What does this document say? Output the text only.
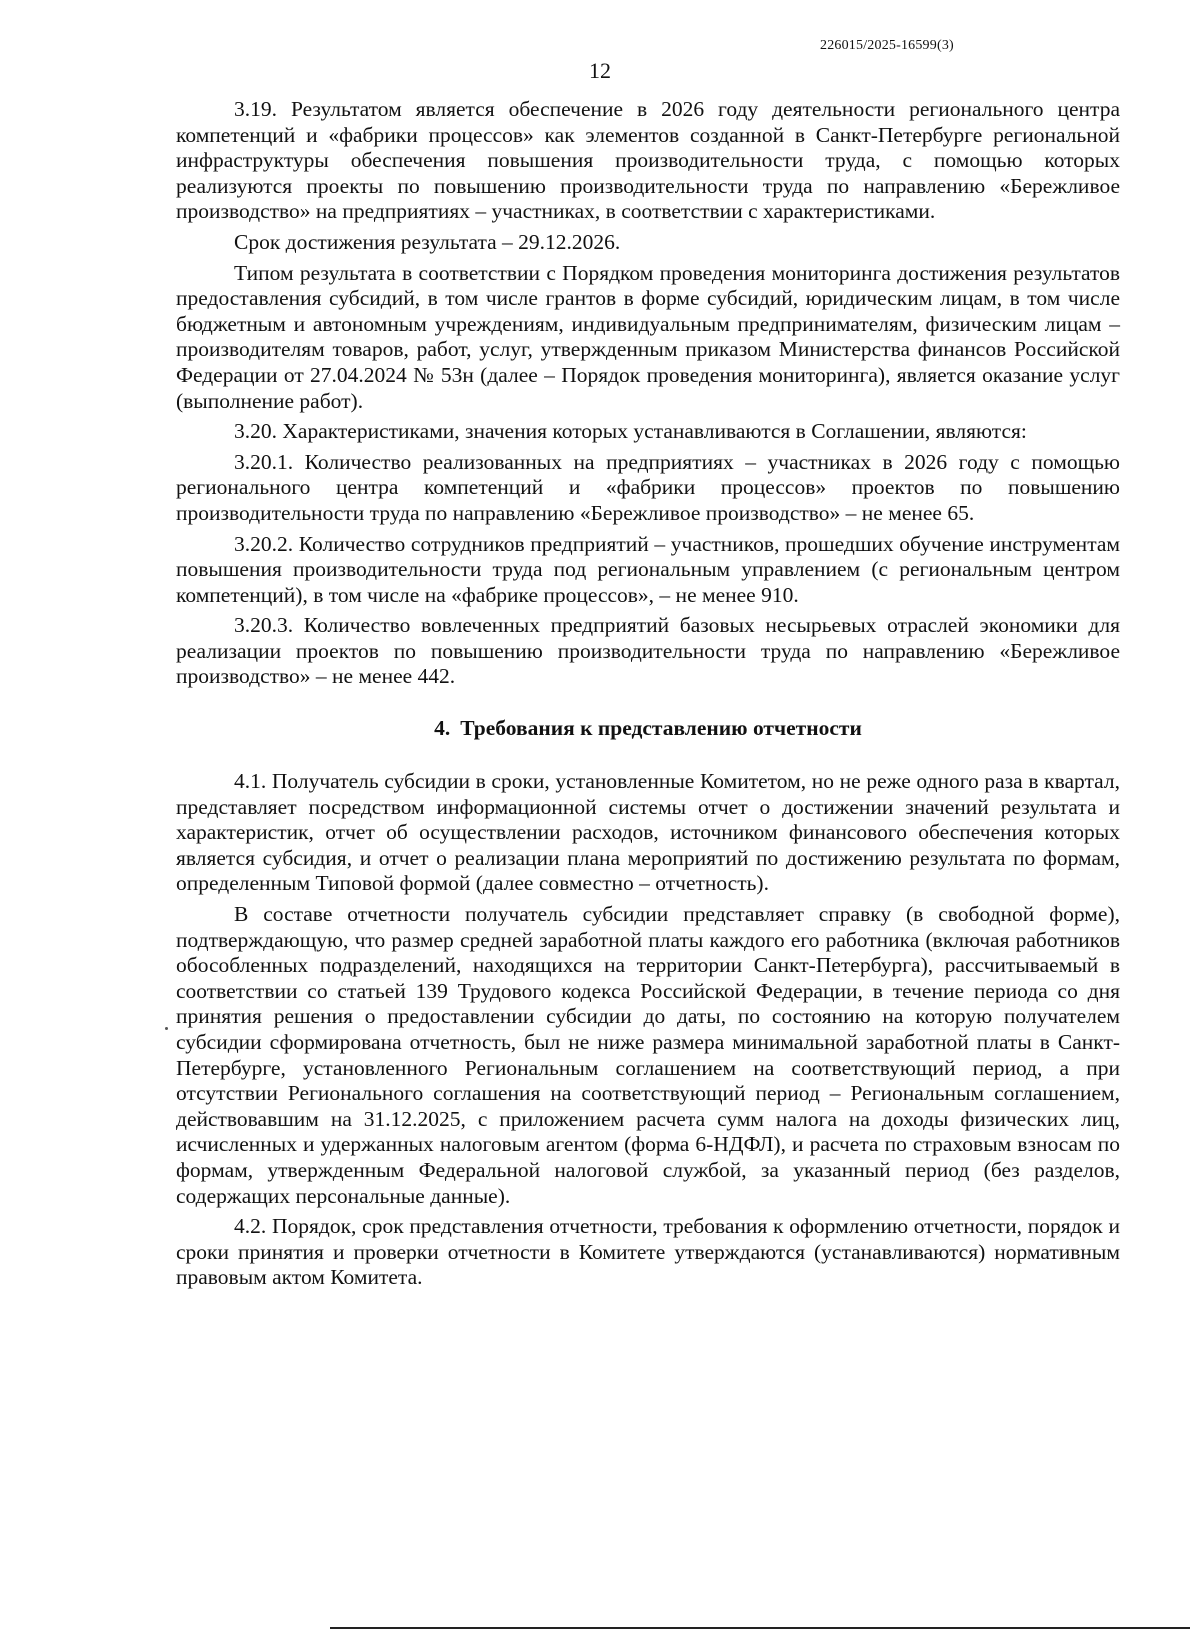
226015/2025-16599(3)
12

3.19. Результатом является обеспечение в 2026 году деятельности регионального центра компетенций и «фабрики процессов» как элементов созданной в Санкт-Петербурге региональной инфраструктуры обеспечения повышения производительности труда, с помощью которых реализуются проекты по повышению производительности труда по направлению «Бережливое производство» на предприятиях – участниках, в соответствии с характеристиками.

Срок достижения результата – 29.12.2026.

Типом результата в соответствии с Порядком проведения мониторинга достижения результатов предоставления субсидий, в том числе грантов в форме субсидий, юридическим лицам, в том числе бюджетным и автономным учреждениям, индивидуальным предпринимателям, физическим лицам – производителям товаров, работ, услуг, утвержденным приказом Министерства финансов Российской Федерации от 27.04.2024 № 53н (далее – Порядок проведения мониторинга), является оказание услуг (выполнение работ).

3.20. Характеристиками, значения которых устанавливаются в Соглашении, являются:

3.20.1. Количество реализованных на предприятиях – участниках в 2026 году с помощью регионального центра компетенций и «фабрики процессов» проектов по повышению производительности труда по направлению «Бережливое производство» – не менее 65.

3.20.2. Количество сотрудников предприятий – участников, прошедших обучение инструментам повышения производительности труда под региональным управлением (с региональным центром компетенций), в том числе на «фабрике процессов», – не менее 910.

3.20.3. Количество вовлеченных предприятий базовых несырьевых отраслей экономики для реализации проектов по повышению производительности труда по направлению «Бережливое производство» – не менее 442.

4. Требования к представлению отчетности

4.1. Получатель субсидии в сроки, установленные Комитетом, но не реже одного раза в квартал, представляет посредством информационной системы отчет о достижении значений результата и характеристик, отчет об осуществлении расходов, источником финансового обеспечения которых является субсидия, и отчет о реализации плана мероприятий по достижению результата по формам, определенным Типовой формой (далее совместно – отчетность).

В составе отчетности получатель субсидии представляет справку (в свободной форме), подтверждающую, что размер средней заработной платы каждого его работника (включая работников обособленных подразделений, находящихся на территории Санкт-Петербурга), рассчитываемый в соответствии со статьей 139 Трудового кодекса Российской Федерации, в течение периода со дня принятия решения о предоставлении субсидии до даты, по состоянию на которую получателем субсидии сформирована отчетность, был не ниже размера минимальной заработной платы в Санкт-Петербурге, установленного Региональным соглашением на соответствующий период, а при отсутствии Регионального соглашения на соответствующий период – Региональным соглашением, действовавшим на 31.12.2025, с приложением расчета сумм налога на доходы физических лиц, исчисленных и удержанных налоговым агентом (форма 6-НДФЛ), и расчета по страховым взносам по формам, утвержденным Федеральной налоговой службой, за указанный период (без разделов, содержащих персональные данные).

4.2. Порядок, срок представления отчетности, требования к оформлению отчетности, порядок и сроки принятия и проверки отчетности в Комитете утверждаются (устанавливаются) нормативным правовым актом Комитета.
